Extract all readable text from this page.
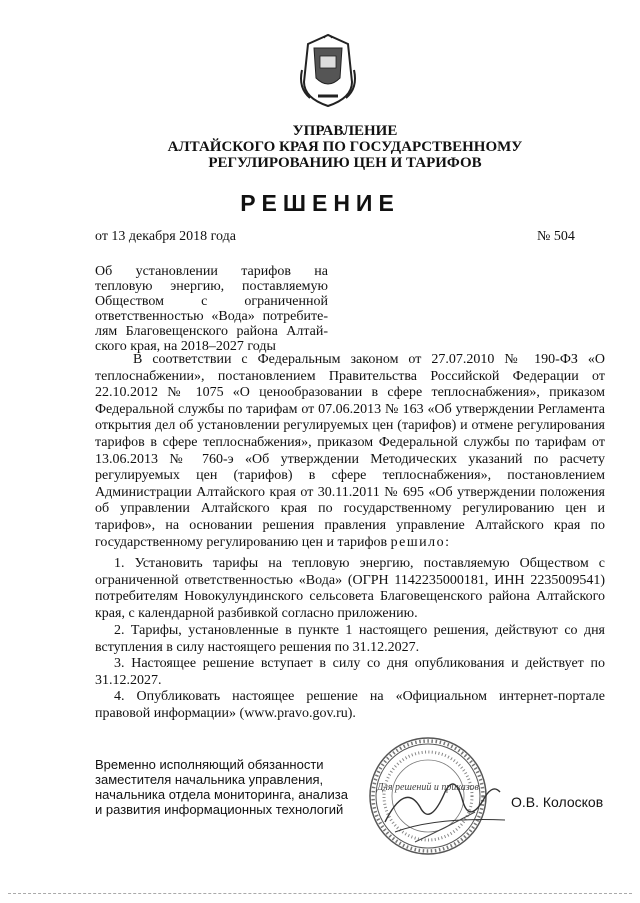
УПРАВЛЕНИЕ
АЛТАЙСКОГО КРАЯ ПО ГОСУДАРСТВЕННОМУ
РЕГУЛИРОВАНИЮ ЦЕН И ТАРИФОВ
РЕШЕНИЕ
от 13 декабря 2018 года	№ 504
Об установлении тарифов на
тепловую энергию, поставляемую
Обществом с ограниченной
ответственностью «Вода» потребите-
лям Благовещенского района Алтай-
ского края, на 2018–2027 годы

В соответствии с Федеральным законом от 27.07.2010 № 190-ФЗ «О теплоснабжении», постановлением Правительства Российской Федерации от 22.10.2012 № 1075 «О ценообразовании в сфере теплоснабжения», приказом Федеральной службы по тарифам от 07.06.2013 № 163 «Об утверждении Регламента открытия дел об установлении регулируемых цен (тарифов) и отмене регулирования тарифов в сфере теплоснабжения», приказом Федеральной службы по тарифам от 13.06.2013 № 760-э «Об утверждении Методических указаний по расчету регулируемых цен (тарифов) в сфере теплоснабжения», постановлением Администрации Алтайского края от 30.11.2011 № 695 «Об утверждении положения об управлении Алтайского края по государственному регулированию цен и тарифов», на основании решения правления управление Алтайского края по государственному регулированию цен и тарифов решило:

1. Установить тарифы на тепловую энергию, поставляемую Обществом с ограниченной ответственностью «Вода» (ОГРН 1142235000181, ИНН 2235009541) потребителям Новокулундинского сельсовета Благовещенского района Алтайского края, с календарной разбивкой согласно приложению.

2. Тарифы, установленные в пункте 1 настоящего решения, действуют со дня вступления в силу настоящего решения по 31.12.2027.

3. Настоящее решение вступает в силу со дня опубликования и действует по 31.12.2027.

4. Опубликовать настоящее решение на «Официальном интернет-портале правовой информации» (www.pravo.gov.ru).

Временно исполняющий обязанности
заместителя начальника управления,
начальника отдела мониторинга, анализа
и развития информационных технологий
Для решений и приказов
О.В. Колосков
